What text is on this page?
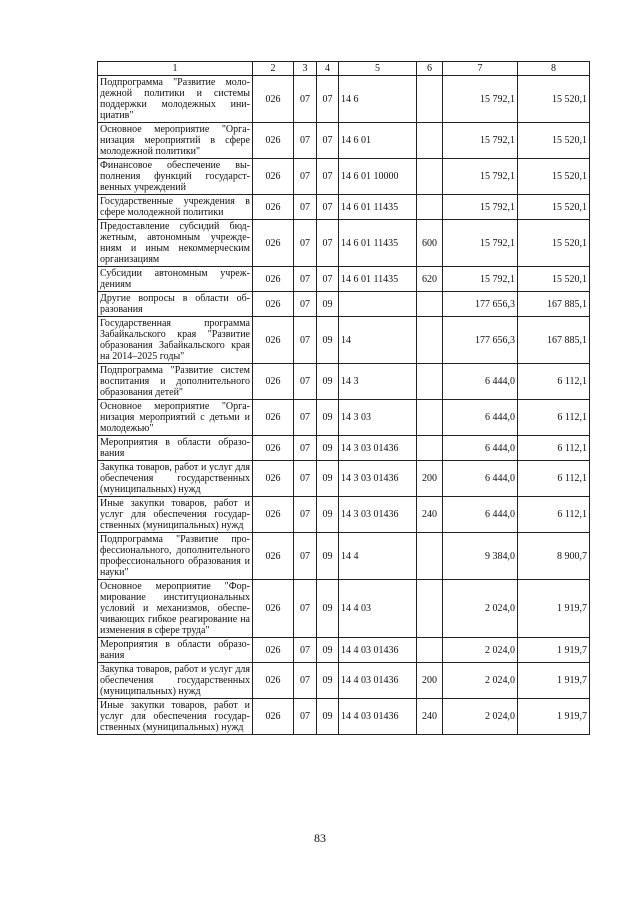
1	2	3	4	5	6	7	8
Подпрограмма "Развитие молодежной политики и системы поддержки молодежных инициатив"	026	07	07	14 6		15 792,1	15 520,1
Основное мероприятие "Организация мероприятий в сфере молодежной политики"	026	07	07	14 6 01		15 792,1	15 520,1
Финансовое обеспечение выполнения функций государственных учреждений	026	07	07	14 6 01 10000		15 792,1	15 520,1
Государственные учреждения в сфере молодежной политики	026	07	07	14 6 01 11435		15 792,1	15 520,1
Предоставление субсидий бюджетным, автономным учреждениям и иным некоммерческим организациям	026	07	07	14 6 01 11435	600	15 792,1	15 520,1
Субсидии автономным учреждениям	026	07	07	14 6 01 11435	620	15 792,1	15 520,1
Другие вопросы в области образования	026	07	09			177 656,3	167 885,1
Государственная программа Забайкальского края "Развитие образования Забайкальского края на 2014–2025 годы"	026	07	09	14		177 656,3	167 885,1
Подпрограмма "Развитие систем воспитания и дополнительного образования детей"	026	07	09	14 3		6 444,0	6 112,1
Основное мероприятие "Организация мероприятий с детьми и молодежью"	026	07	09	14 3 03		6 444,0	6 112,1
Мероприятия в области образования	026	07	09	14 3 03 01436		6 444,0	6 112,1
Закупка товаров, работ и услуг для обеспечения государственных (муниципальных) нужд	026	07	09	14 3 03 01436	200	6 444,0	6 112,1
Иные закупки товаров, работ и услуг для обеспечения государственных (муниципальных) нужд	026	07	09	14 3 03 01436	240	6 444,0	6 112,1
Подпрограмма "Развитие профессионального, дополнительного профессионального образования и науки"	026	07	09	14 4		9 384,0	8 900,7
Основное мероприятие "Формирование институциональных условий и механизмов, обеспечивающих гибкое реагирование на изменения в сфере труда"	026	07	09	14 4 03		2 024,0	1 919,7
Мероприятия в области образования	026	07	09	14 4 03 01436		2 024,0	1 919,7
Закупка товаров, работ и услуг для обеспечения государственных (муниципальных) нужд	026	07	09	14 4 03 01436	200	2 024,0	1 919,7
Иные закупки товаров, работ и услуг для обеспечения государственных (муниципальных) нужд	026	07	09	14 4 03 01436	240	2 024,0	1 919,7
83
